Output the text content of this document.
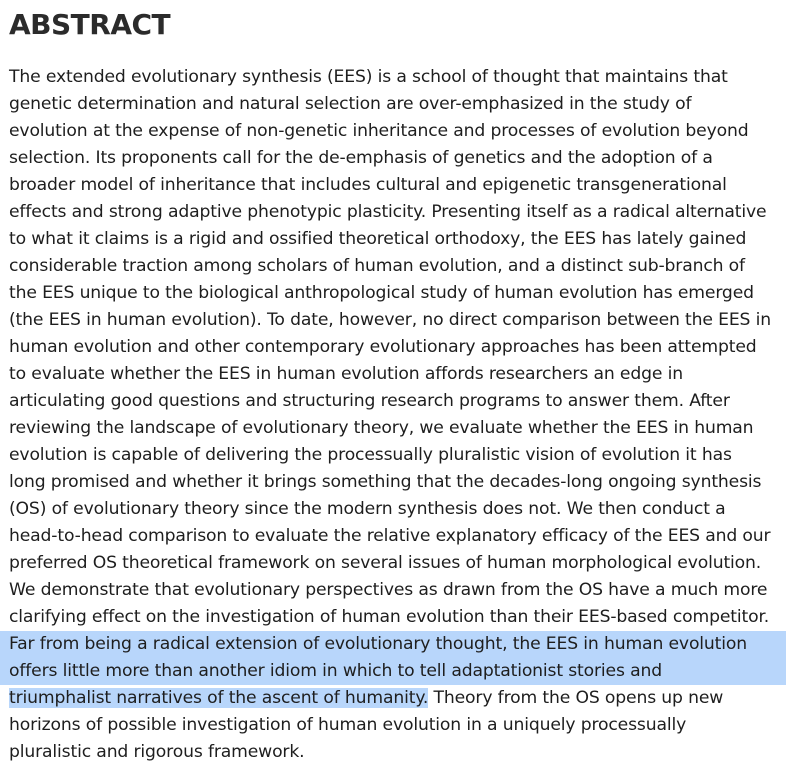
ABSTRACT
The extended evolutionary synthesis (EES) is a school of thought that maintains that
genetic determination and natural selection are over-emphasized in the study of
evolution at the expense of non-genetic inheritance and processes of evolution beyond
selection. Its proponents call for the de-emphasis of genetics and the adoption of a
broader model of inheritance that includes cultural and epigenetic transgenerational
effects and strong adaptive phenotypic plasticity. Presenting itself as a radical alternative
to what it claims is a rigid and ossified theoretical orthodoxy, the EES has lately gained
considerable traction among scholars of human evolution, and a distinct sub-branch of
the EES unique to the biological anthropological study of human evolution has emerged
(the EES in human evolution). To date, however, no direct comparison between the EES in
human evolution and other contemporary evolutionary approaches has been attempted
to evaluate whether the EES in human evolution affords researchers an edge in
articulating good questions and structuring research programs to answer them. After
reviewing the landscape of evolutionary theory, we evaluate whether the EES in human
evolution is capable of delivering the processually pluralistic vision of evolution it has
long promised and whether it brings something that the decades-long ongoing synthesis
(OS) of evolutionary theory since the modern synthesis does not. We then conduct a
head-to-head comparison to evaluate the relative explanatory efficacy of the EES and our
preferred OS theoretical framework on several issues of human morphological evolution.
We demonstrate that evolutionary perspectives as drawn from the OS have a much more
clarifying effect on the investigation of human evolution than their EES-based competitor.
Far from being a radical extension of evolutionary thought, the EES in human evolution
offers little more than another idiom in which to tell adaptationist stories and
triumphalist narratives of the ascent of humanity. Theory from the OS opens up new
horizons of possible investigation of human evolution in a uniquely processually
pluralistic and rigorous framework.
